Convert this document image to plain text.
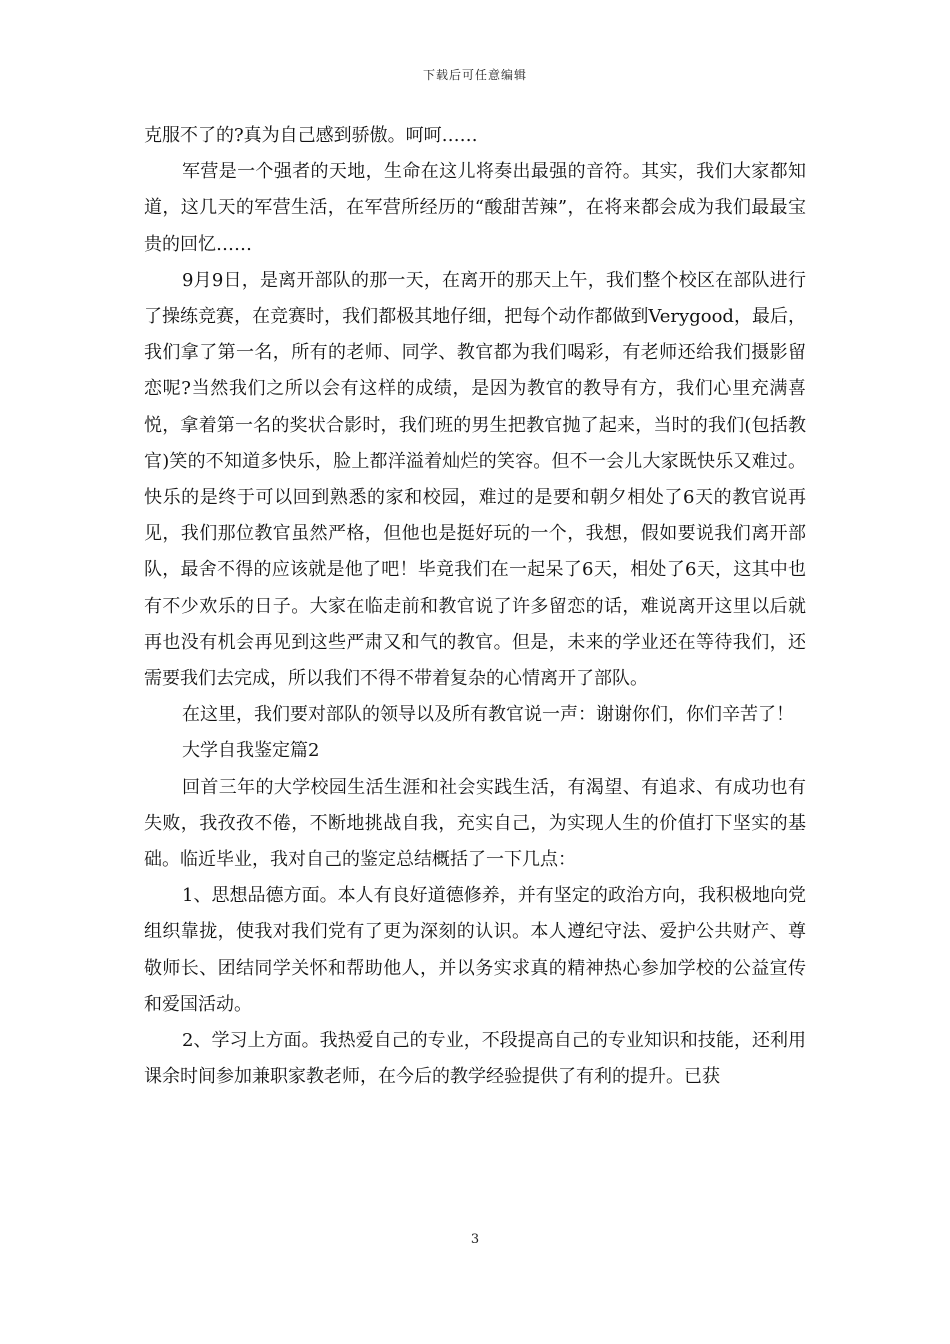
下载后可任意编辑

克服不了的?真为自己感到骄傲。呵呵……

军营是一个强者的天地，生命在这儿将奏出最强的音符。其实，我们大家都知道，这几天的军营生活，在军营所经历的“酸甜苦辣”，在将来都会成为我们最最宝贵的回忆……

9月9日，是离开部队的那一天，在离开的那天上午，我们整个校区在部队进行了操练竞赛，在竞赛时，我们都极其地仔细，把每个动作都做到Verygood，最后，我们拿了第一名，所有的老师、同学、教官都为我们喝彩，有老师还给我们摄影留恋呢?当然我们之所以会有这样的成绩，是因为教官的教导有方，我们心里充满喜悦，拿着第一名的奖状合影时，我们班的男生把教官抛了起来，当时的我们(包括教官)笑的不知道多快乐，脸上都洋溢着灿烂的笑容。但不一会儿大家既快乐又难过。快乐的是终于可以回到熟悉的家和校园，难过的是要和朝夕相处了6天的教官说再见，我们那位教官虽然严格，但他也是挺好玩的一个，我想，假如要说我们离开部队，最舍不得的应该就是他了吧！毕竟我们在一起呆了6天，相处了6天，这其中也有不少欢乐的日子。大家在临走前和教官说了许多留恋的话，难说离开这里以后就再也没有机会再见到这些严肃又和气的教官。但是，未来的学业还在等待我们，还需要我们去完成，所以我们不得不带着复杂的心情离开了部队。

在这里，我们要对部队的领导以及所有教官说一声：谢谢你们，你们辛苦了！

大学自我鉴定篇2

回首三年的大学校园生活生涯和社会实践生活，有渴望、有追求、有成功也有失败，我孜孜不倦，不断地挑战自我，充实自己，为实现人生的价值打下坚实的基础。临近毕业，我对自己的鉴定总结概括了一下几点：

1、思想品德方面。本人有良好道德修养，并有坚定的政治方向，我积极地向党组织靠拢，使我对我们党有了更为深刻的认识。本人遵纪守法、爱护公共财产、尊敬师长、团结同学关怀和帮助他人，并以务实求真的精神热心参加学校的公益宣传和爱国活动。

2、学习上方面。我热爱自己的专业，不段提高自己的专业知识和技能，还利用课余时间参加兼职家教老师，在今后的教学经验提供了有利的提升。已获

3
